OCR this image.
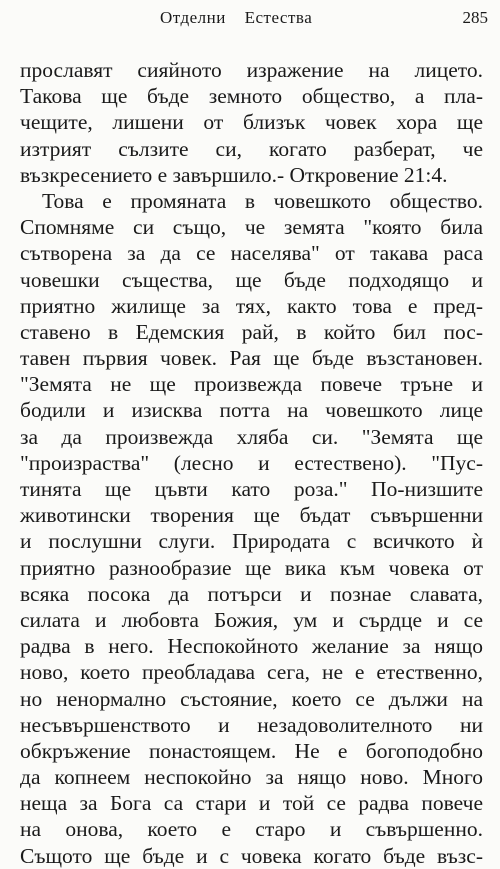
Отделни Естества	285
прославят сияйното изражение на лицето.
Такова ще бъде земното общество, а пла-
чещите, лишени от близък човек хора ще
изтрият сълзите си, когато разберат, че
възкресението е завършило.- Откровение 21:4.
Това е промяната в човешкото общество.
Спомняме си също, че земята "която била
сътворена за да се населява" от такава раса
човешки същества, ще бъде подходящо и
приятно жилище за тях, както това е пред-
ставено в Едемския рай, в който бил пос-
тавен първия човек. Рая ще бъде възстановен.
"Земята не ще произвежда повече тръне и
бодили и изисква потта на човешкото лице
за да произвежда хляба си. "Земята ще
"произраства" (лесно и естествено). "Пус-
тинята ще цъвти като роза." По-низшите
животински творения ще бъдат съвършенни
и послушни слуги. Природата с всичкото ѝ
приятно разнообразие ще вика към човека от
всяка посока да потърси и познае славата,
силата и любовта Божия, ум и сърдце и се
радва в него. Неспокойното желание за нящо
ново, което преобладава сега, не е етественно,
но ненормално състояние, което се дължи на
несъвършенството и незадоволителното ни
обкръжение понастоящем. Не е богоподобно
да копнеем неспокойно за нящо ново. Много
неща за Бога са стари и той се радва повече
на онова, което е старо и съвършенно.
Същото ще бъде и с човека когато бъде възс-
